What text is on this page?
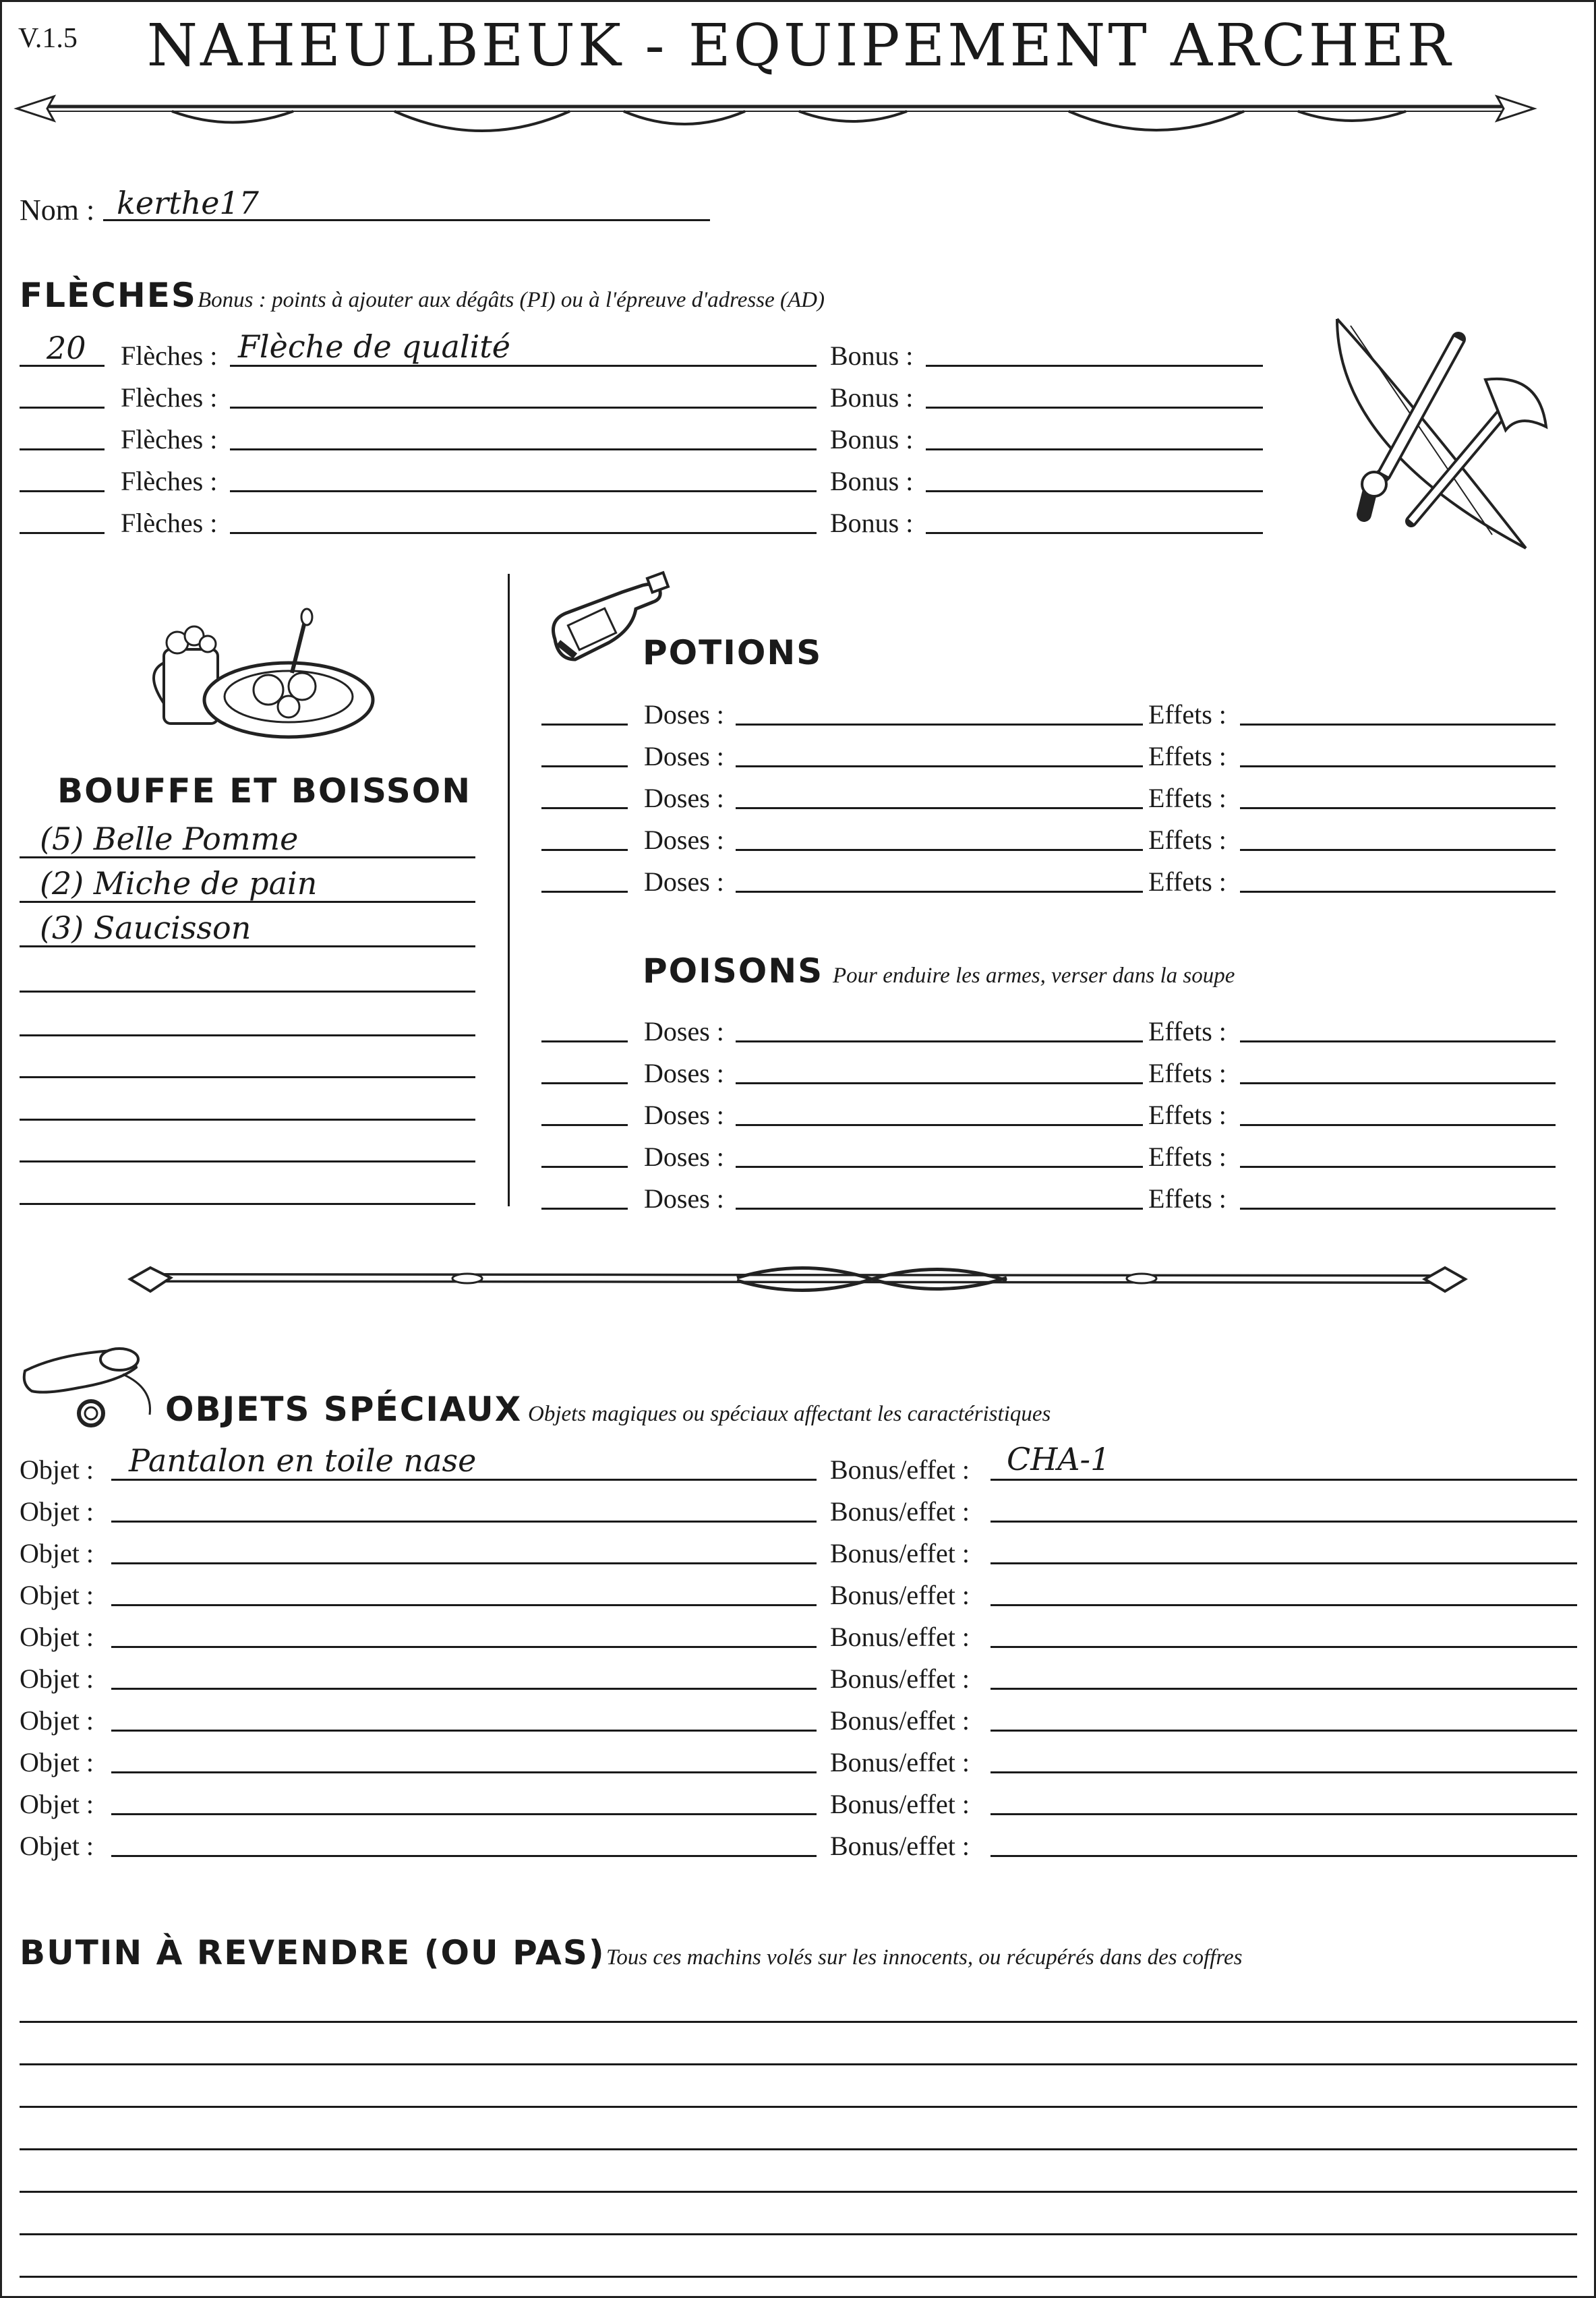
V.1.5	NAHEULBEUK - EQUIPEMENT ARCHER
Nom : kerthe17
FLÈCHES Bonus : points à ajouter aux dégâts (PI) ou à l'épreuve d'adresse (AD)
20 Flèches : Flèche de qualité	Bonus :
Flèches :	Bonus :
Flèches :	Bonus :
Flèches :	Bonus :
Flèches :	Bonus :
BOUFFE ET BOISSON
(5) Belle Pomme
(2) Miche de pain
(3) Saucisson
POTIONS
Doses :	Effets :
Doses :	Effets :
Doses :	Effets :
Doses :	Effets :
Doses :	Effets :
POISONS Pour enduire les armes, verser dans la soupe
Doses :	Effets :
Doses :	Effets :
Doses :	Effets :
Doses :	Effets :
Doses :	Effets :
OBJETS SPÉCIAUX Objets magiques ou spéciaux affectant les caractéristiques
Objet : Pantalon en toile nase	Bonus/effet : CHA-1
Objet :	Bonus/effet :
Objet :	Bonus/effet :
Objet :	Bonus/effet :
Objet :	Bonus/effet :
Objet :	Bonus/effet :
Objet :	Bonus/effet :
Objet :	Bonus/effet :
Objet :	Bonus/effet :
Objet :	Bonus/effet :
BUTIN À REVENDRE (OU PAS) Tous ces machins volés sur les innocents, ou récupérés dans des coffres
